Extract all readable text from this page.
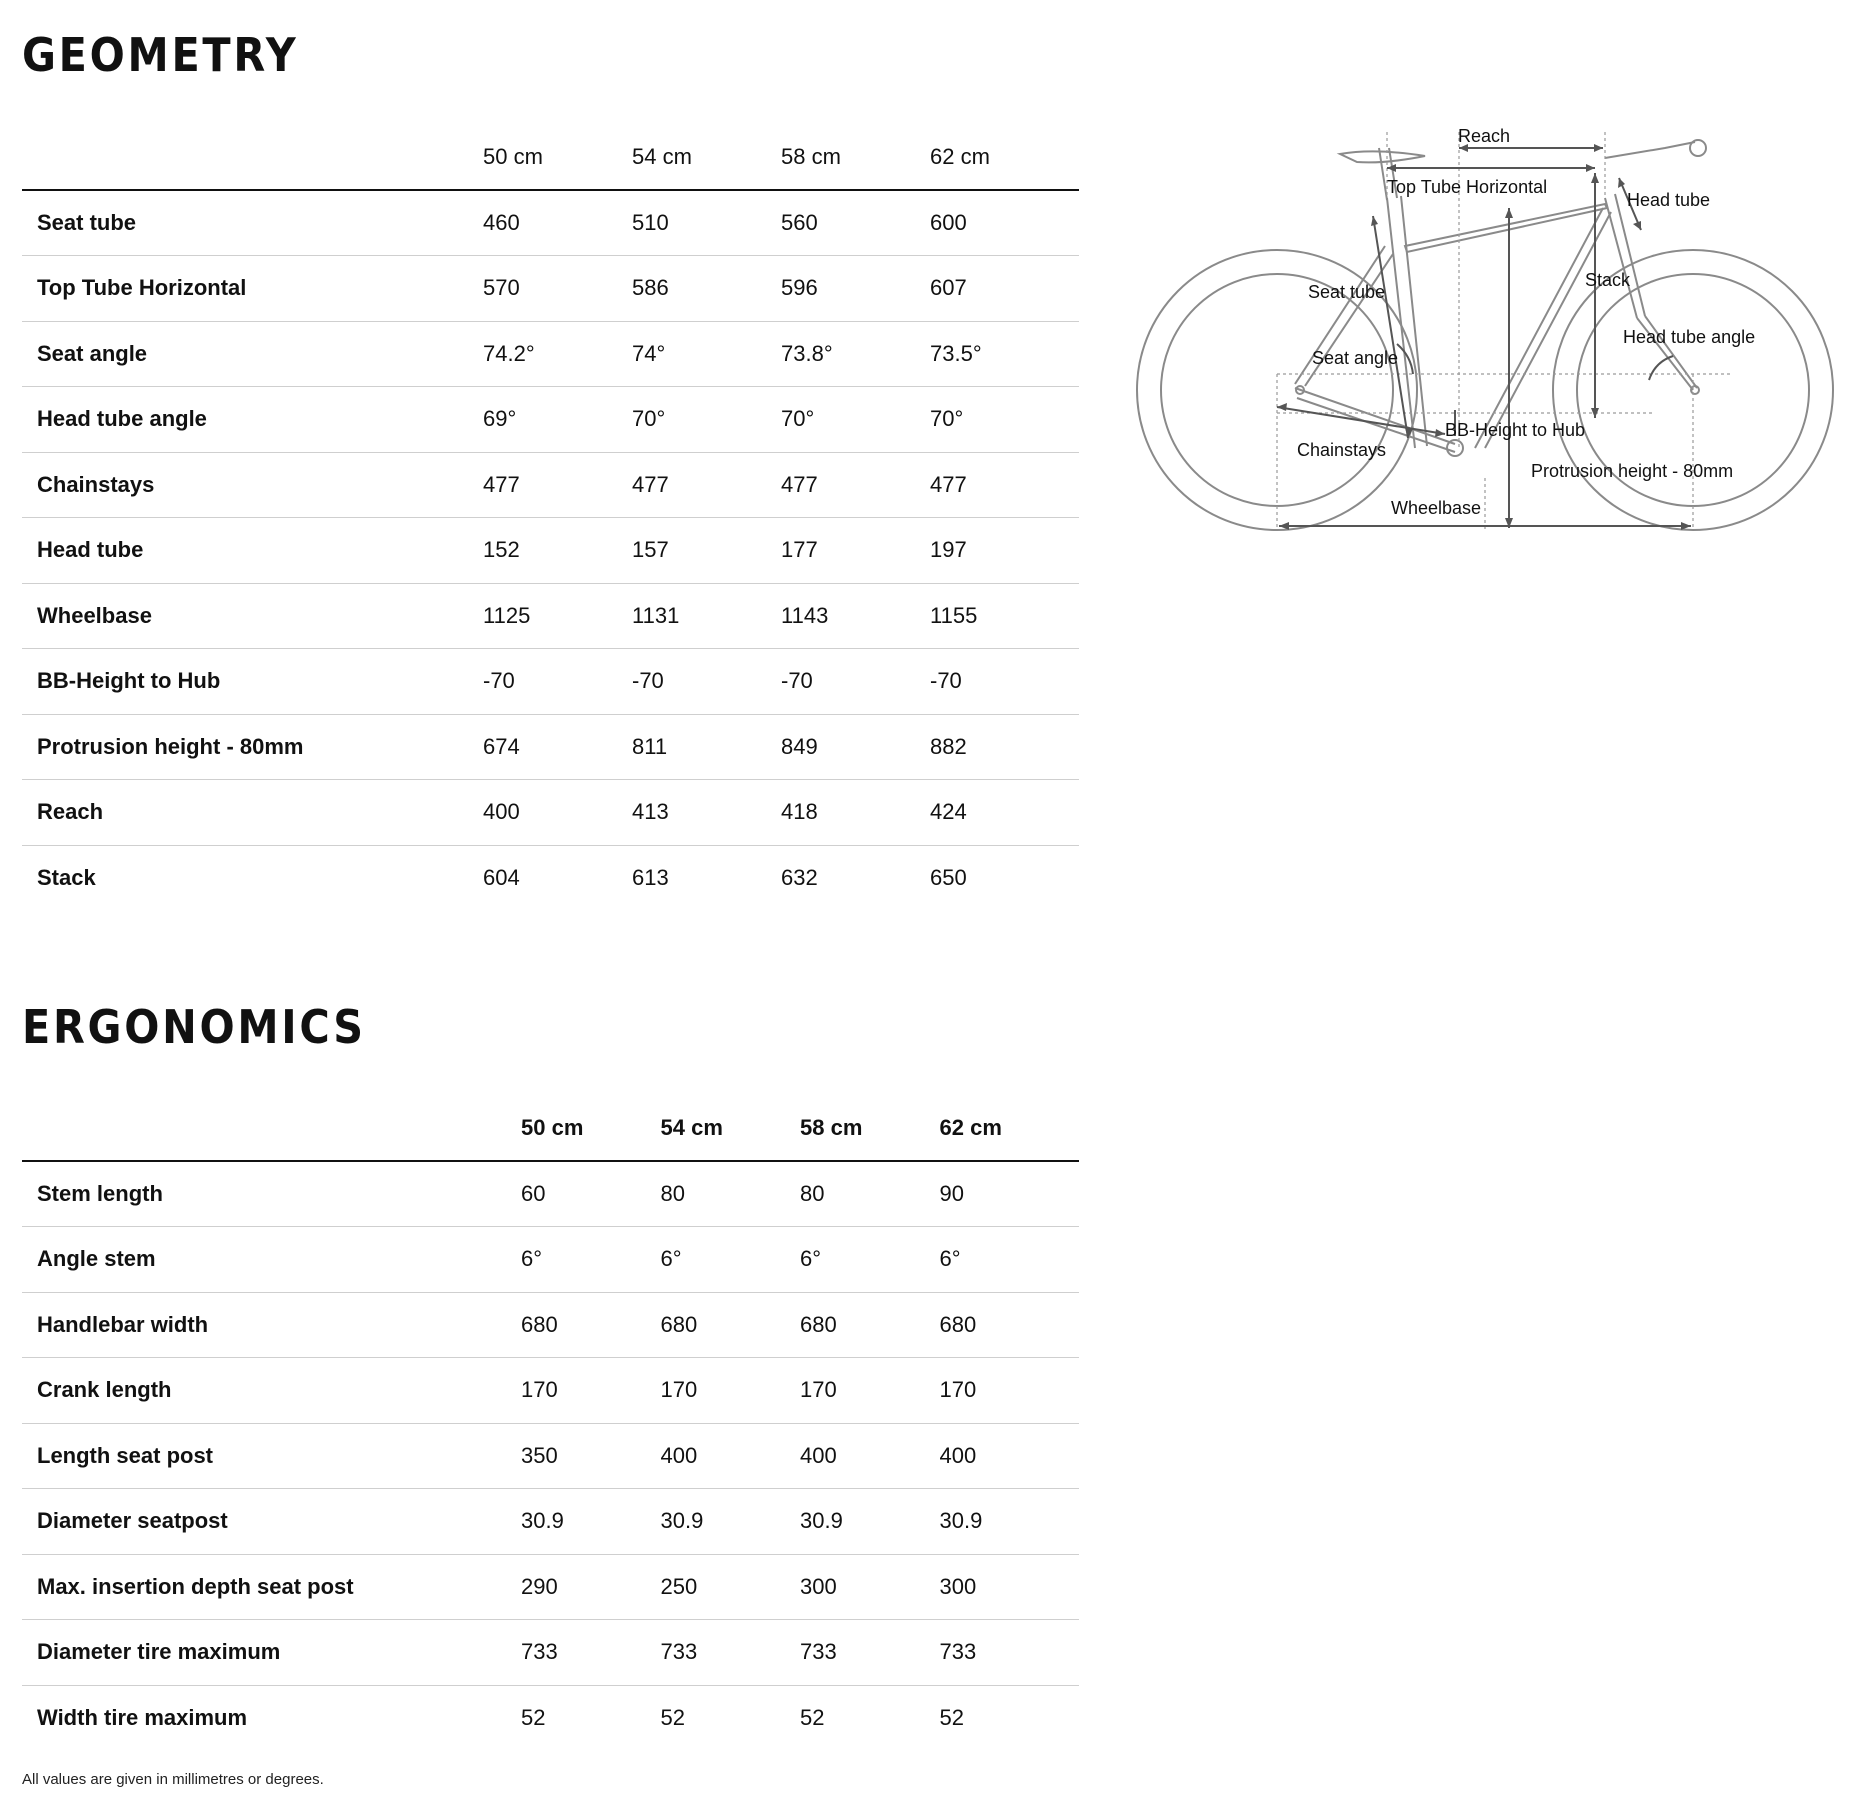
GEOMETRY
	50 cm	54 cm	58 cm	62 cm
Seat tube	460	510	560	600
Top Tube Horizontal	570	586	596	607
Seat angle	74.2°	74°	73.8°	73.5°
Head tube angle	69°	70°	70°	70°
Chainstays	477	477	477	477
Head tube	152	157	177	197
Wheelbase	1125	1131	1143	1155
BB-Height to Hub	-70	-70	-70	-70
Protrusion height - 80mm	674	811	849	882
Reach	400	413	418	424
Stack	604	613	632	650
Reach
Top Tube Horizontal
Head tube
Seat tube
Stack
Head tube angle
Seat angle
BB-Height to Hub
Chainstays
Protrusion height - 80mm
Wheelbase
ERGONOMICS
	50 cm	54 cm	58 cm	62 cm
Stem length	60	80	80	90
Angle stem	6°	6°	6°	6°
Handlebar width	680	680	680	680
Crank length	170	170	170	170
Length seat post	350	400	400	400
Diameter seatpost	30.9	30.9	30.9	30.9
Max. insertion depth seat post	290	250	300	300
Diameter tire maximum	733	733	733	733
Width tire maximum	52	52	52	52
All values are given in millimetres or degrees.
